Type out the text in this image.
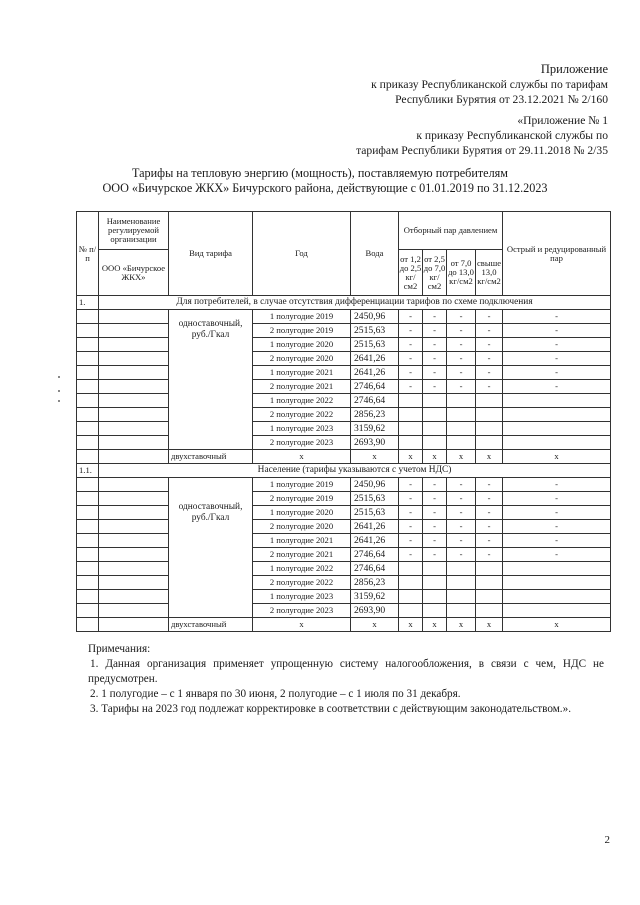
Приложение
к приказу Республиканской службы по тарифам
Республики Бурятия от 23.12.2021 № 2/160
«Приложение № 1
к приказу Республиканской службы по
тарифам Республики Бурятия от 29.11.2018 № 2/35
Тарифы на тепловую энергию (мощность), поставляемую потребителям
ООО «Бичурское ЖКХ» Бичурского района, действующие с 01.01.2019 по 31.12.2023
№ п/п	Наименование регулируемой организации	Вид тарифа	Год	Вода	Отборный пар давлением				Острый и редуцированный пар
	ООО «Бичурское ЖКХ»				от 1,2 до 2,5 кг/см2	от 2,5 до 7,0 кг/см2	от 7,0 до 13,0 кг/см2	свыше 13,0 кг/см2	
1.	Для потребителей, в случае отсутствия дифференциации тарифов по схеме подключения								
		одноставочный, руб./Гкал	1 полугодие 2019	2450,96	-	-	-	-	-
			2 полугодие 2019	2515,63	-	-	-	-	-
			1 полугодие 2020	2515,63	-	-	-	-	-
			2 полугодие 2020	2641,26	-	-	-	-	-
			1 полугодие 2021	2641,26	-	-	-	-	-
			2 полугодие 2021	2746,64	-	-	-	-	-
			1 полугодие 2022	2746,64					
			2 полугодие 2022	2856,23					
			1 полугодие 2023	3159,62					
			2 полугодие 2023	2693,90					
		двухставочный	х	х	х	х	х	х	х
1.1.	Население (тарифы указываются с учетом НДС)								
		одноставочный, руб./Гкал	1 полугодие 2019	2450,96	-	-	-	-	-
			2 полугодие 2019	2515,63	-	-	-	-	-
			1 полугодие 2020	2515,63	-	-	-	-	-
			2 полугодие 2020	2641,26	-	-	-	-	-
			1 полугодие 2021	2641,26	-	-	-	-	-
			2 полугодие 2021	2746,64	-	-	-	-	-
			1 полугодие 2022	2746,64					
			2 полугодие 2022	2856,23					
			1 полугодие 2023	3159,62					
			2 полугодие 2023	2693,90					
		двухставочный	х	х	х	х	х	х	х
Примечания:
1. Данная организация применяет упрощенную систему налогообложения, в связи с чем, НДС не предусмотрен.
2. 1 полугодие – с 1 января по 30 июня, 2 полугодие – с 1 июля по 31 декабря.
3. Тарифы на 2023 год подлежат корректировке в соответствии с действующим законодательством.».
2
